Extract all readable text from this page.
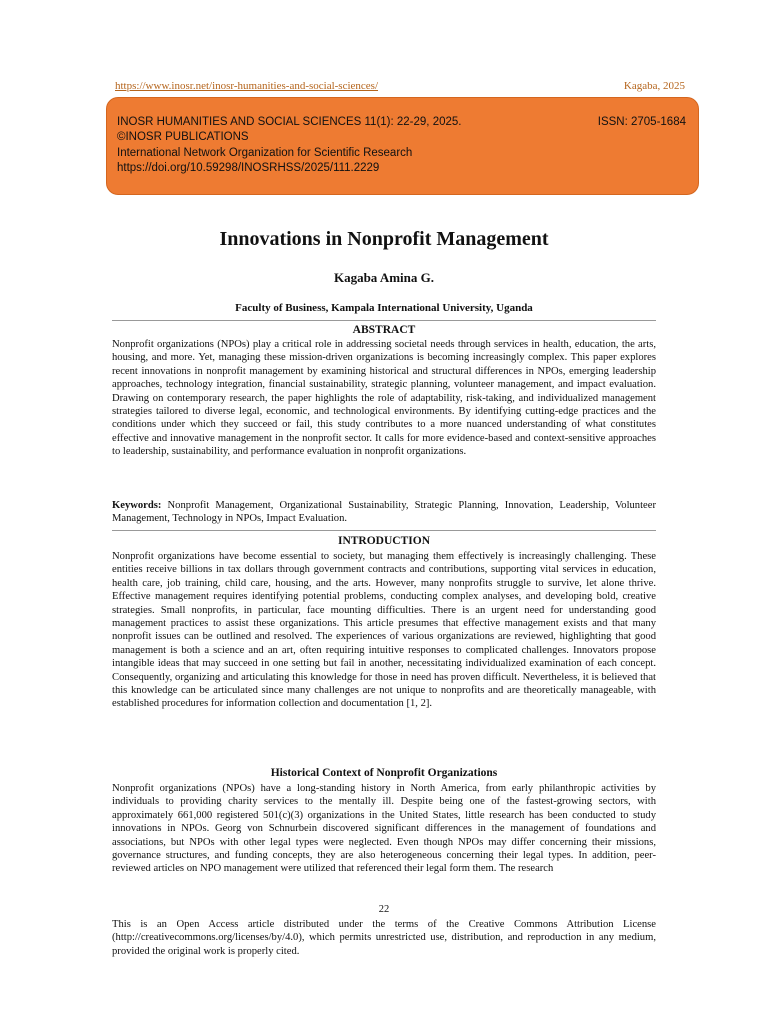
https://www.inosr.net/inosr-humanities-and-social-sciences/	Kagaba, 2025
INOSR HUMANITIES AND SOCIAL SCIENCES 11(1): 22-29, 2025.	ISSN: 2705-1684
©INOSR PUBLICATIONS
International Network Organization for Scientific Research
https://doi.org/10.59298/INOSRHSS/2025/111.2229
Innovations in Nonprofit Management
Kagaba Amina G.
Faculty of Business, Kampala International University, Uganda
ABSTRACT
Nonprofit organizations (NPOs) play a critical role in addressing societal needs through services in health, education, the arts, housing, and more. Yet, managing these mission-driven organizations is becoming increasingly complex. This paper explores recent innovations in nonprofit management by examining historical and structural differences in NPOs, emerging leadership approaches, technology integration, financial sustainability, strategic planning, volunteer management, and impact evaluation. Drawing on contemporary research, the paper highlights the role of adaptability, risk-taking, and individualized management strategies tailored to diverse legal, economic, and technological environments. By identifying cutting-edge practices and the conditions under which they succeed or fail, this study contributes to a more nuanced understanding of what constitutes effective and innovative management in the nonprofit sector. It calls for more evidence-based and context-sensitive approaches to leadership, sustainability, and performance evaluation in nonprofit organizations.
Keywords: Nonprofit Management, Organizational Sustainability, Strategic Planning, Innovation, Leadership, Volunteer Management, Technology in NPOs, Impact Evaluation.
INTRODUCTION
Nonprofit organizations have become essential to society, but managing them effectively is increasingly challenging. These entities receive billions in tax dollars through government contracts and contributions, supporting vital services in education, health care, job training, child care, housing, and the arts. However, many nonprofits struggle to survive, let alone thrive. Effective management requires identifying potential problems, conducting complex analyses, and developing bold, creative strategies. Small nonprofits, in particular, face mounting difficulties. There is an urgent need for understanding good management practices to assist these organizations. This article presumes that effective management exists and that many nonprofit issues can be outlined and resolved. The experiences of various organizations are reviewed, highlighting that good management is both a science and an art, often requiring intuitive responses to complicated challenges. Innovators propose intangible ideas that may succeed in one setting but fail in another, necessitating individualized examination of each concept. Consequently, organizing and articulating this knowledge for those in need has proven difficult. Nevertheless, it is believed that this knowledge can be articulated since many challenges are not unique to nonprofits and are theoretically manageable, with established procedures for information collection and documentation [1, 2].
Historical Context of Nonprofit Organizations
Nonprofit organizations (NPOs) have a long-standing history in North America, from early philanthropic activities by individuals to providing charity services to the mentally ill. Despite being one of the fastest-growing sectors, with approximately 661,000 registered 501(c)(3) organizations in the United States, little research has been conducted to study innovations in NPOs. Georg von Schnurbein discovered significant differences in the management of foundations and associations, but NPOs with other legal types were neglected. Even though NPOs may differ concerning their missions, governance structures, and funding concepts, they are also heterogeneous concerning their legal types. In addition, peer-reviewed articles on NPO management were utilized that referenced their legal form them. The research
22
This is an Open Access article distributed under the terms of the Creative Commons Attribution License (http://creativecommons.org/licenses/by/4.0), which permits unrestricted use, distribution, and reproduction in any medium, provided the original work is properly cited.
